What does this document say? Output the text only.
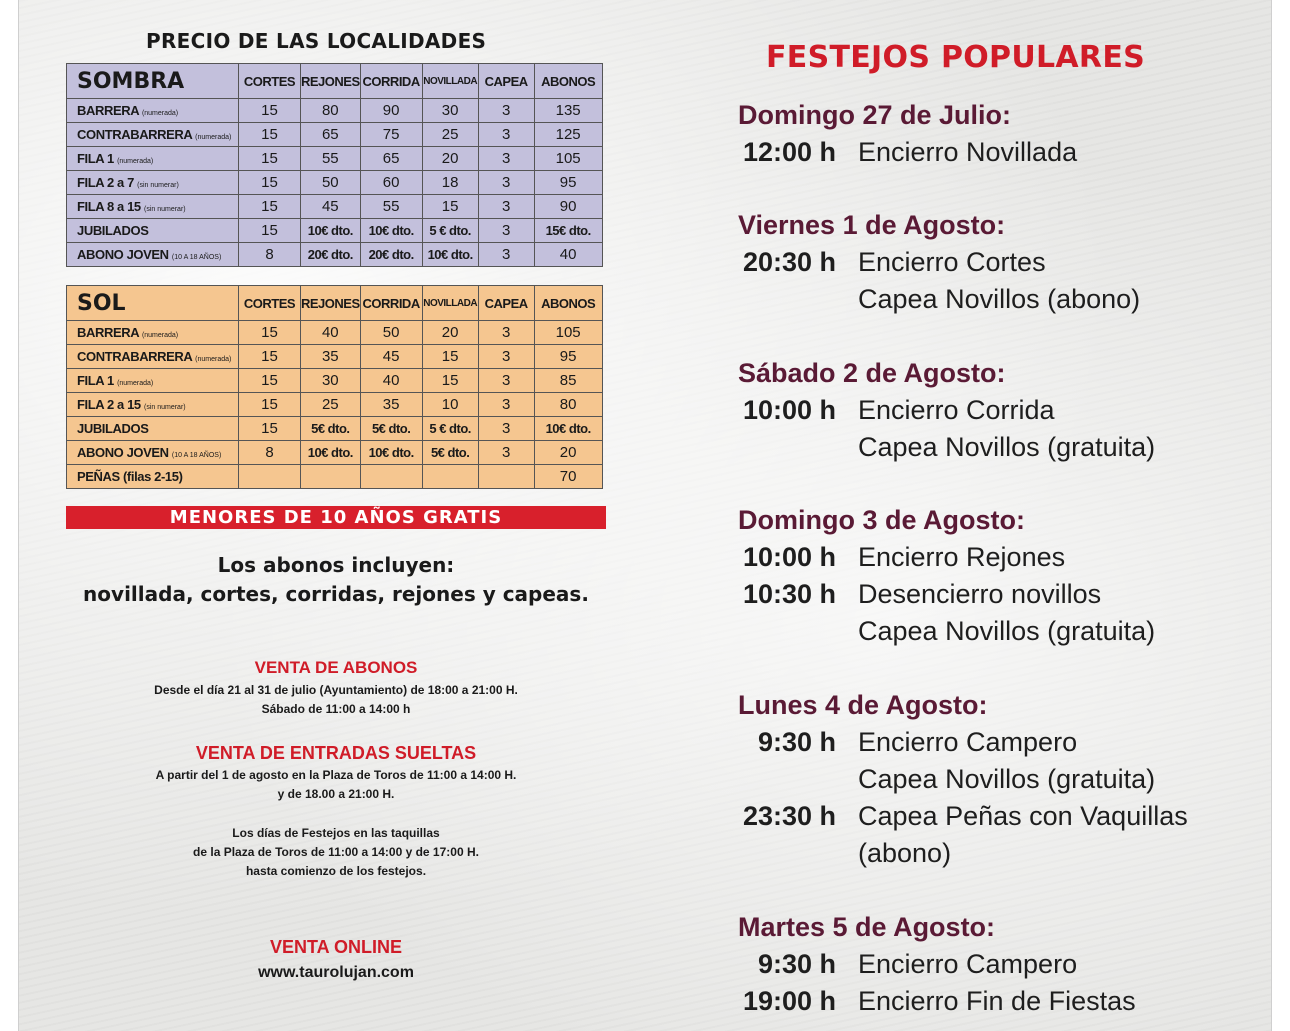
PRECIO DE LAS LOCALIDADES
SOMBRA	CORTES	REJONES	CORRIDA	NOVILLADA	CAPEA	ABONOS
BARRERA (numerada)	15	80	90	30	3	135
CONTRABARRERA (numerada)	15	65	75	25	3	125
FILA 1 (numerada)	15	55	65	20	3	105
FILA 2 a 7 (sin numerar)	15	50	60	18	3	95
FILA 8 a 15 (sin numerar)	15	45	55	15	3	90
JUBILADOS	15	10€ dto.	10€ dto.	5 € dto.	3	15€ dto.
ABONO JOVEN (10 A 18 AÑOS)	8	20€ dto.	20€ dto.	10€ dto.	3	40
SOL	CORTES	REJONES	CORRIDA	NOVILLADA	CAPEA	ABONOS
BARRERA (numerada)	15	40	50	20	3	105
CONTRABARRERA (numerada)	15	35	45	15	3	95
FILA 1 (numerada)	15	30	40	15	3	85
FILA 2 a 15 (sin numerar)	15	25	35	10	3	80
JUBILADOS	15	5€ dto.	5€ dto.	5 € dto.	3	10€ dto.
ABONO JOVEN (10 A 18 AÑOS)	8	10€ dto.	10€ dto.	5€ dto.	3	20
PEÑAS (filas 2-15)						70
MENORES DE 10 AÑOS GRATIS
Los abonos incluyen:
novillada, cortes, corridas, rejones y capeas.
VENTA DE ABONOS
Desde el día 21 al 31 de julio (Ayuntamiento) de 18:00 a 21:00 H.
Sábado de 11:00 a 14:00 h
VENTA DE ENTRADAS SUELTAS
A partir del 1 de agosto en la Plaza de Toros de 11:00 a 14:00 H.
y de 18.00 a 21:00 H.
Los días de Festejos en las taquillas
de la Plaza de Toros de 11:00 a 14:00 y de 17:00 H.
hasta comienzo de los festejos.
VENTA ONLINE
www.taurolujan.com
FESTEJOS POPULARES
Domingo 27 de Julio:
12:00 h Encierro Novillada
Viernes 1 de Agosto:
20:30 h Encierro Cortes
Capea Novillos (abono)
Sábado 2 de Agosto:
10:00 h Encierro Corrida
Capea Novillos (gratuita)
Domingo 3 de Agosto:
10:00 h Encierro Rejones
10:30 h Desencierro novillos
Capea Novillos (gratuita)
Lunes 4 de Agosto:
9:30 h Encierro Campero
Capea Novillos (gratuita)
23:30 h Capea Peñas con Vaquillas
(abono)
Martes 5 de Agosto:
9:30 h Encierro Campero
19:00 h Encierro Fin de Fiestas
